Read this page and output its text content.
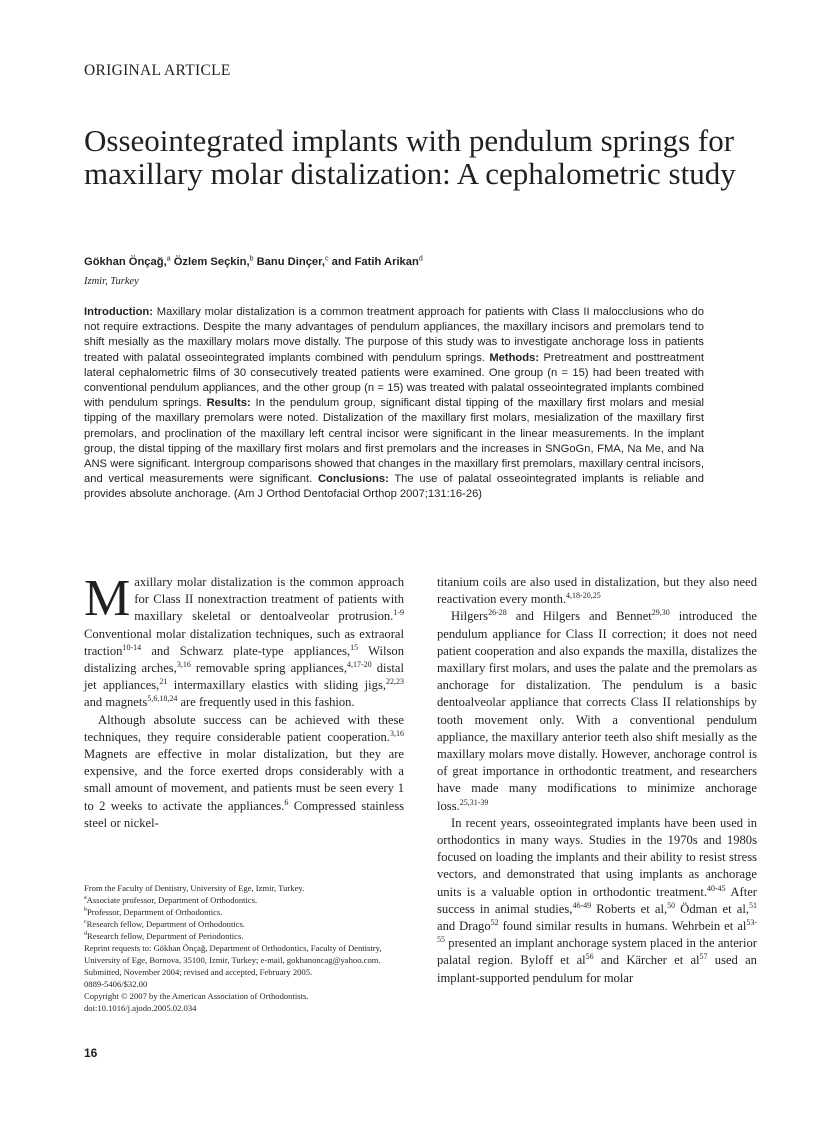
ORIGINAL ARTICLE
Osseointegrated implants with pendulum springs for maxillary molar distalization: A cephalometric study
Gökhan Önçağ,$^a$ Özlem Seçkin,$^b$ Banu Dinçer,$^c$ and Fatih Arikan$^d$
Izmir, Turkey

Introduction: Maxillary molar distalization is a common treatment approach for patients with Class II malocclusions who do not require extractions. Despite the many advantages of pendulum appliances, the maxillary incisors and premolars tend to shift mesially as the maxillary molars move distally. The purpose of this study was to investigate anchorage loss in patients treated with palatal osseointegrated implants combined with pendulum springs. Methods: Pretreatment and posttreatment lateral cephalometric films of 30 consecutively treated patients were examined. One group (n = 15) had been treated with conventional pendulum appliances, and the other group (n = 15) was treated with palatal osseointegrated implants combined with pendulum springs. Results: In the pendulum group, significant distal tipping of the maxillary first molars and mesial tipping of the maxillary premolars were noted. Distalization of the maxillary first molars, mesialization of the maxillary first premolars, and proclination of the maxillary left central incisor were significant in the linear measurements. In the implant group, the distal tipping of the maxillary first molars and first premolars and the increases in SNGoGn, FMA, Na Me, and Na ANS were significant. Intergroup comparisons showed that changes in the maxillary first premolars, maxillary central incisors, and vertical measurements were significant. Conclusions: The use of palatal osseointegrated implants is reliable and provides absolute anchorage. (Am J Orthod Dentofacial Orthop 2007;131:16-26)

Maxillary molar distalization is the common approach for Class II nonextraction treatment of patients with maxillary skeletal or dentoalveolar protrusion.$^{1-9}$ Conventional molar distalization techniques, such as extraoral traction$^{10-14}$ and Schwarz plate-type appliances,$^{15}$ Wilson distalizing arches,$^{3,16}$ removable spring appliances,$^{4,17-20}$ distal jet appliances,$^{21}$ intermaxillary elastics with sliding jigs,$^{22,23}$ and magnets$^{5,6,18,24}$ are frequently used in this fashion.

Although absolute success can be achieved with these techniques, they require considerable patient cooperation.$^{3,16}$ Magnets are effective in molar distalization, but they are expensive, and the force exerted drops considerably with a small amount of movement, and patients must be seen every 1 to 2 weeks to activate the appliances.$^6$ Compressed stainless steel or nickel-

titanium coils are also used in distalization, but they also need reactivation every month.$^{4,18-20,25}$

Hilgers$^{26-28}$ and Hilgers and Bennet$^{29,30}$ introduced the pendulum appliance for Class II correction; it does not need patient cooperation and also expands the maxilla, distalizes the maxillary first molars, and uses the palate and the premolars as anchorage for distalization. The pendulum is a basic dentoalveolar appliance that corrects Class II relationships by tooth movement only. With a conventional pendulum appliance, the maxillary anterior teeth also shift mesially as the maxillary molars move distally. However, anchorage control is of great importance in orthodontic treatment, and researchers have made many modifications to minimize anchorage loss.$^{25,31-39}$

In recent years, osseointegrated implants have been used in orthodontics in many ways. Studies in the 1970s and 1980s focused on loading the implants and their ability to resist stress vectors, and demonstrated that using implants as anchorage units is a valuable option in orthodontic treatment.$^{40-45}$ After success in animal studies,$^{46-49}$ Roberts et al,$^{50}$ Ödman et al,$^{51}$ and Drago$^{52}$ found similar results in humans. Wehrbein et $al^{53-55}$ presented an implant anchorage system placed in the anterior palatal region. Byloff et $al^{56}$ and Kärcher et $al^{57}$ used an implant-supported pendulum for molar

From the Faculty of Dentistry, University of Ege, Izmir, Turkey.
$^a$Associate professor, Department of Orthodontics.
$^b$Professor, Department of Orthodontics.
$^c$Research fellow, Department of Orthodontics.
$^d$Research fellow, Department of Periodontics.
Reprint requests to: Gökhan Önçağ, Department of Orthodontics, Faculty of Dentistry, University of Ege, Bornova, 35100, Izmir, Turkey; e-mail, gokhanoncag@yahoo.com.
Submitted, November 2004; revised and accepted, February 2005.
0889-5406/$32.00
Copyright © 2007 by the American Association of Orthodontists.
doi:10.1016/j.ajodo.2005.02.034
16
